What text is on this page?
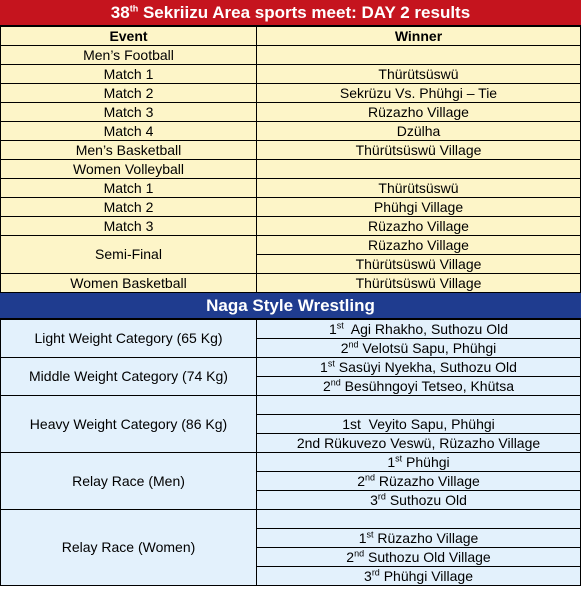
38th Sekriizu Area sports meet: DAY 2 results
Event	Winner
Men’s Football	
Match 1	Thürütsüswü
Match 2	Sekrüzu Vs. Phühgi – Tie
Match 3	Rüzazho Village
Match 4	Dzülha
Men’s Basketball	Thürütsüswü Village
Women Volleyball	
Match 1	Thürütsüswü
Match 2	Phühgi Village
Match 3	Rüzazho Village
Semi-Final	Rüzazho Village
	Thürütsüswü Village
Women Basketball	Thürütsüswü Village
Naga Style Wrestling
Light Weight Category (65 Kg)	1st  Agi Rhakho, Suthozu Old
	2nd Velotsü Sapu, Phühgi
Middle Weight Category (74 Kg)	1st Sasüyi Nyekha, Suthozu Old
	2nd Besühngoyi Tetseo, Khütsa
Heavy Weight Category (86 Kg)	
	1st  Veyito Sapu, Phühgi
	2nd Rükuvezo Veswü, Rüzazho Village
Relay Race (Men)	1st Phühgi
	2nd Rüzazho Village
	3rd Suthozu Old
Relay Race (Women)	
	1st Rüzazho Village
	2nd Suthozu Old Village
	3rd Phühgi Village
